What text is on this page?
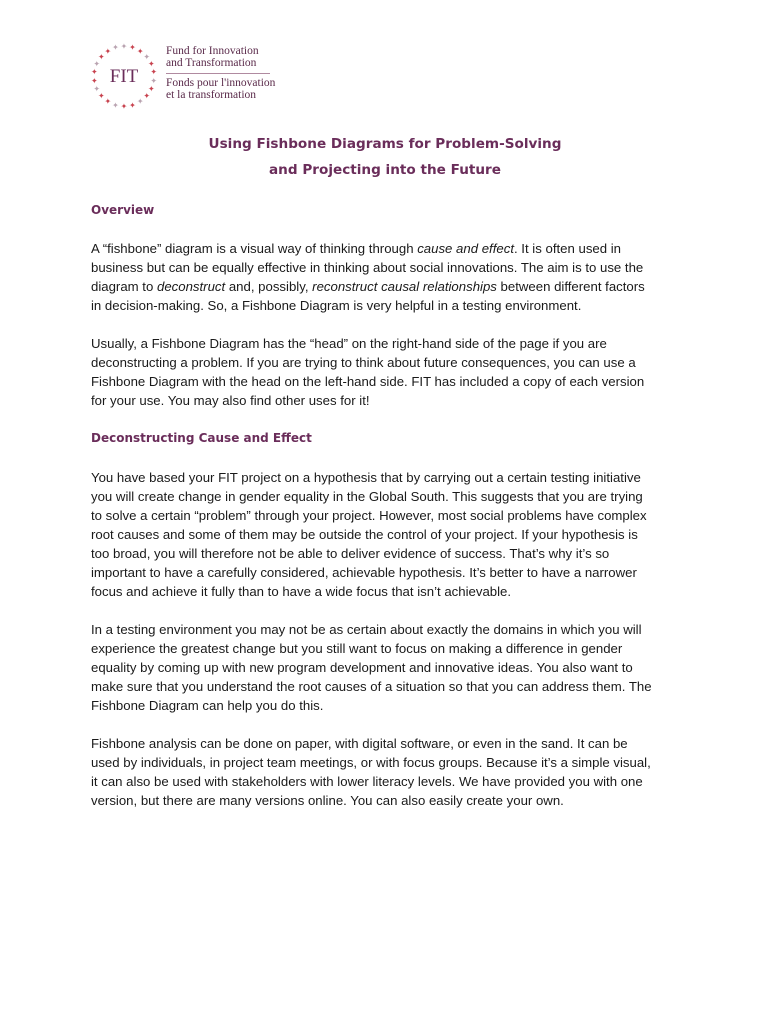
✦ ✦ ✦
✦
✦
✦
✦
✦
✦
✦
✦
✦
✦
✦
✦
✦
✦
✦
✦
✦
✦ ✦
FIT
Fund for Innovation
and Transformation
Fonds pour l'innovation
et la transformation
Using Fishbone Diagrams for Problem-Solving
and Projecting into the Future
Overview
A “fishbone” diagram is a visual way of thinking through cause and effect. It is often used in
business but can be equally effective in thinking about social innovations. The aim is to use the
diagram to deconstruct and, possibly, reconstruct causal relationships between different factors
in decision-making. So, a Fishbone Diagram is very helpful in a testing environment.
Usually, a Fishbone Diagram has the “head” on the right-hand side of the page if you are
deconstructing a problem. If you are trying to think about future consequences, you can use a
Fishbone Diagram with the head on the left-hand side. FIT has included a copy of each version
for your use. You may also find other uses for it!
Deconstructing Cause and Effect
You have based your FIT project on a hypothesis that by carrying out a certain testing initiative
you will create change in gender equality in the Global South. This suggests that you are trying
to solve a certain “problem” through your project. However, most social problems have complex
root causes and some of them may be outside the control of your project. If your hypothesis is
too broad, you will therefore not be able to deliver evidence of success. That’s why it’s so
important to have a carefully considered, achievable hypothesis. It’s better to have a narrower
focus and achieve it fully than to have a wide focus that isn’t achievable.
In a testing environment you may not be as certain about exactly the domains in which you will
experience the greatest change but you still want to focus on making a difference in gender
equality by coming up with new program development and innovative ideas. You also want to
make sure that you understand the root causes of a situation so that you can address them. The
Fishbone Diagram can help you do this.
Fishbone analysis can be done on paper, with digital software, or even in the sand. It can be
used by individuals, in project team meetings, or with focus groups. Because it’s a simple visual,
it can also be used with stakeholders with lower literacy levels. We have provided you with one
version, but there are many versions online. You can also easily create your own.
